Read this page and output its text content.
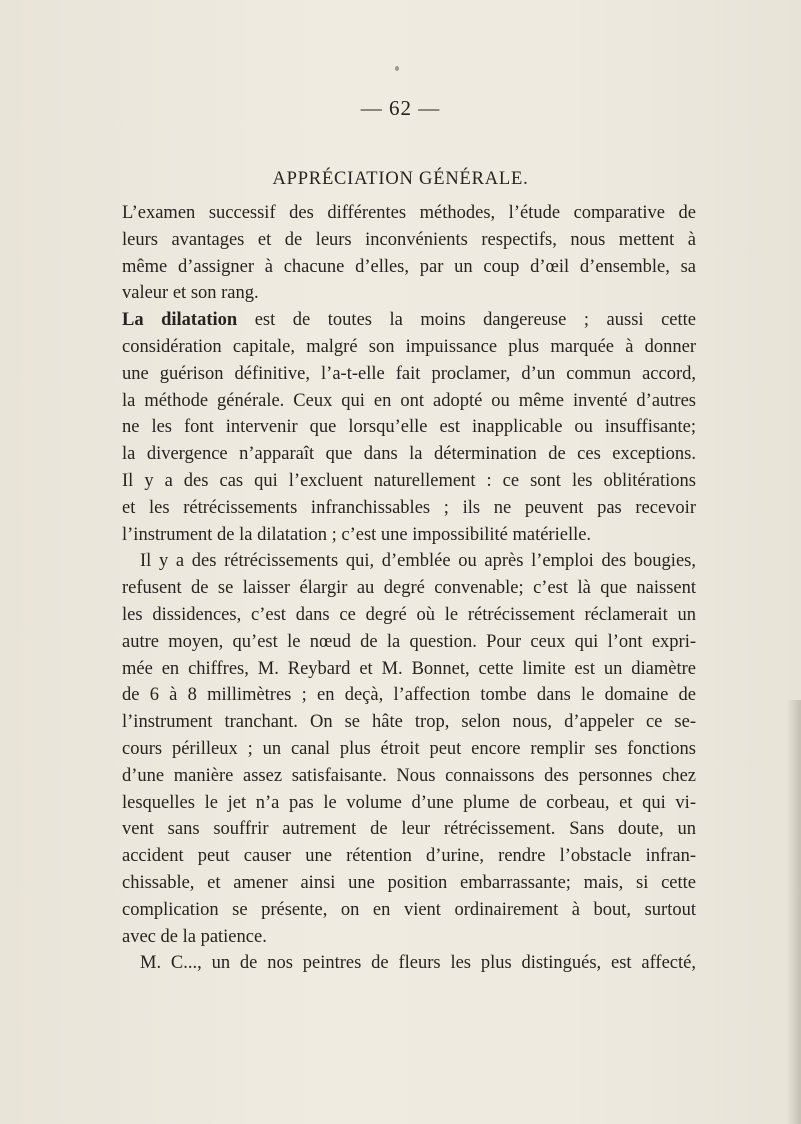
— 62 —
APPRÉCIATION GÉNÉRALE.
L’examen successif des différentes méthodes, l’étude comparative de
leurs avantages et de leurs inconvénients respectifs, nous mettent à
même d’assigner à chacune d’elles, par un coup d’œil d’ensemble, sa
valeur et son rang.
La dilatation est de toutes la moins dangereuse ; aussi cette
considération capitale, malgré son impuissance plus marquée à donner
une guérison définitive, l’a-t-elle fait proclamer, d’un commun accord,
la méthode générale. Ceux qui en ont adopté ou même inventé d’autres
ne les font intervenir que lorsqu’elle est inapplicable ou insuffisante;
la divergence n’apparaît que dans la détermination de ces exceptions.
Il y a des cas qui l’excluent naturellement : ce sont les oblitérations
et les rétrécissements infranchissables ; ils ne peuvent pas recevoir
l’instrument de la dilatation ; c’est une impossibilité matérielle.
Il y a des rétrécissements qui, d’emblée ou après l’emploi des bougies,
refusent de se laisser élargir au degré convenable; c’est là que naissent
les dissidences, c’est dans ce degré où le rétrécissement réclamerait un
autre moyen, qu’est le nœud de la question. Pour ceux qui l’ont expri-
mée en chiffres, M. Reybard et M. Bonnet, cette limite est un diamètre
de 6 à 8 millimètres ; en deçà, l’affection tombe dans le domaine de
l’instrument tranchant. On se hâte trop, selon nous, d’appeler ce se-
cours périlleux ; un canal plus étroit peut encore remplir ses fonctions
d’une manière assez satisfaisante. Nous connaissons des personnes chez
lesquelles le jet n’a pas le volume d’une plume de corbeau, et qui vi-
vent sans souffrir autrement de leur rétrécissement. Sans doute, un
accident peut causer une rétention d’urine, rendre l’obstacle infran-
chissable, et amener ainsi une position embarrassante; mais, si cette
complication se présente, on en vient ordinairement à bout, surtout
avec de la patience.
M. C..., un de nos peintres de fleurs les plus distingués, est affecté,
